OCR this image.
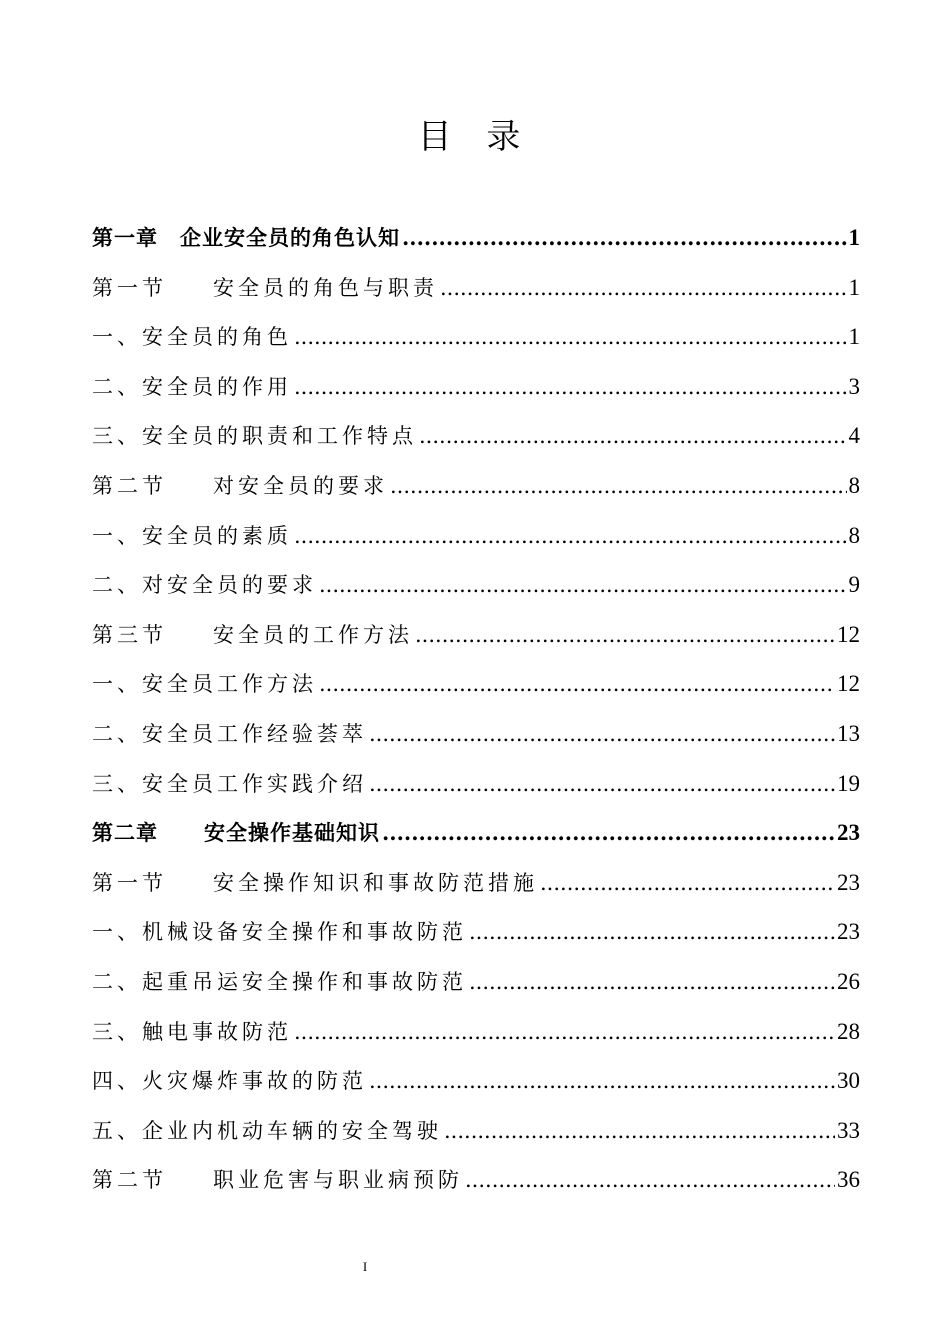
目 录
第一章 企业安全员的角色认知 .....	1
第一节 安全员的角色与职责 .....	1
一、安全员的角色 .....	1
二、安全员的作用 .....	3
三、安全员的职责和工作特点 .....	4
第二节 对安全员的要求 .....	8
一、安全员的素质 .....	8
二、对安全员的要求 .....	9
第三节 安全员的工作方法 .....	12
一、安全员工作方法 .....	12
二、安全员工作经验荟萃 .....	13
三、安全员工作实践介绍 .....	19
第二章 安全操作基础知识 .....	23
第一节 安全操作知识和事故防范措施 .....	23
一、机械设备安全操作和事故防范 .....	23
二、起重吊运安全操作和事故防范 .....	26
三、触电事故防范 .....	28
四、火灾爆炸事故的防范 .....	30
五、企业内机动车辆的安全驾驶 .....	33
第二节 职业危害与职业病预防 .....	36
I
